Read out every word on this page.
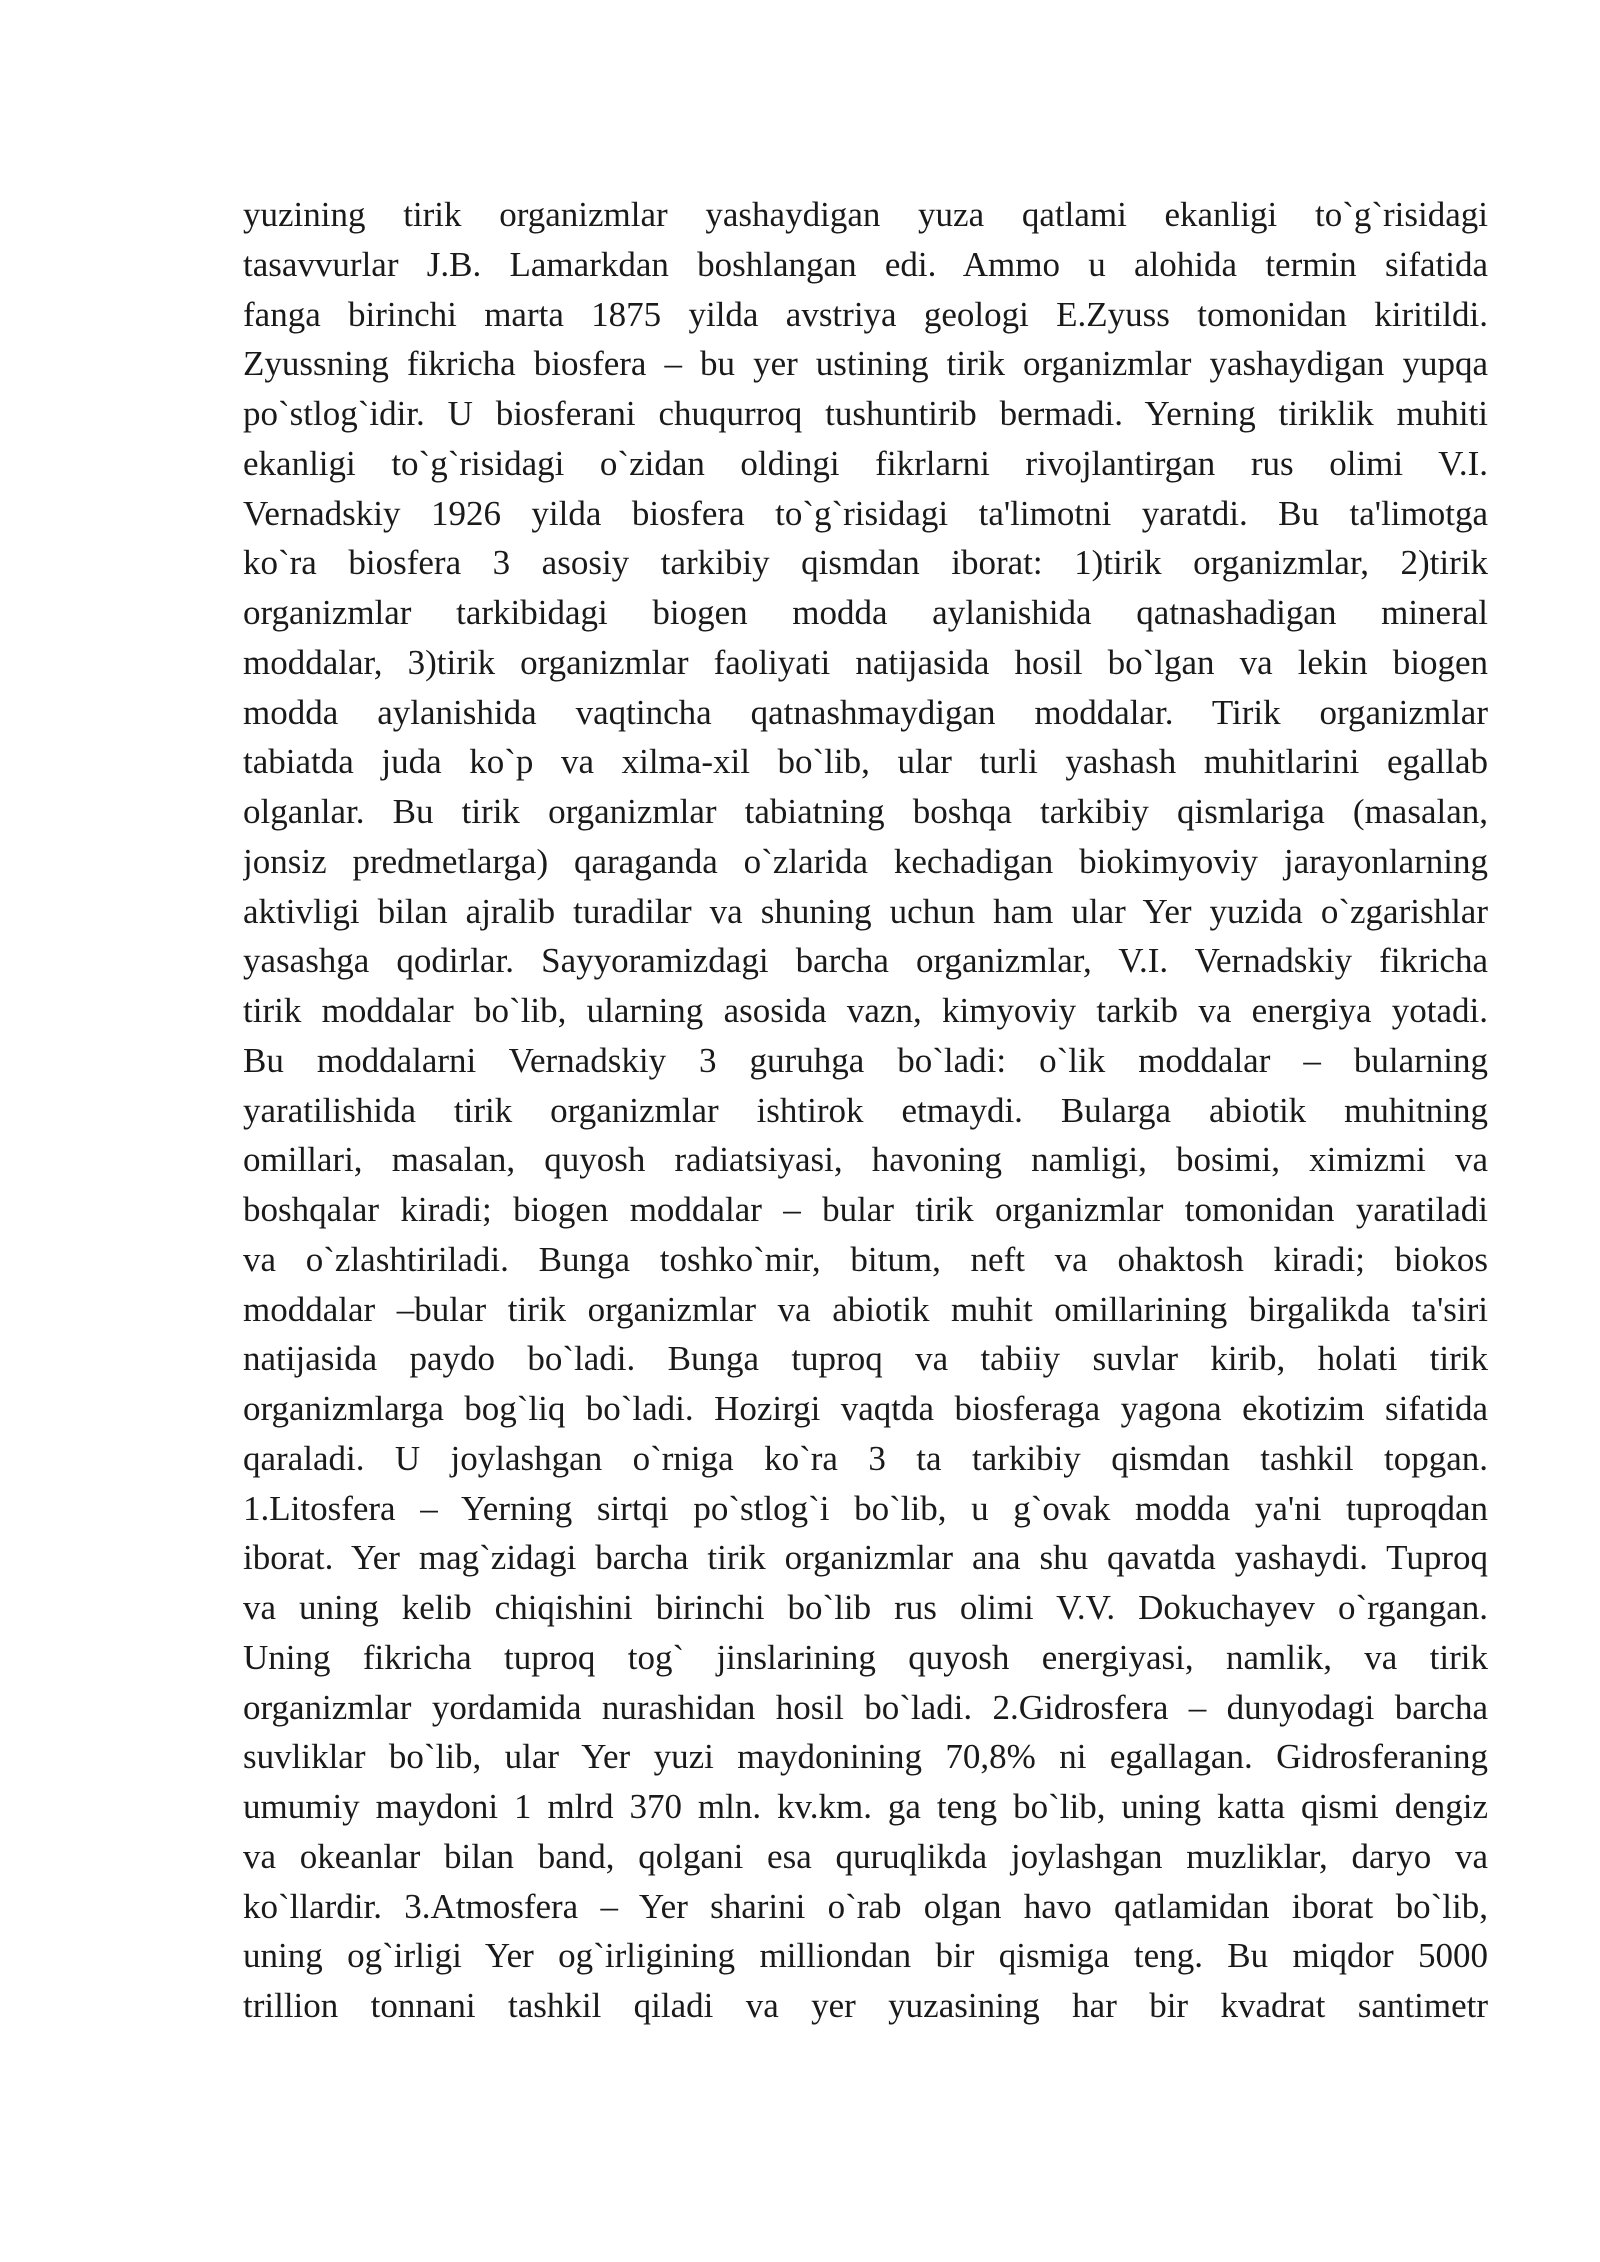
yuzining tirik organizmlar yashaydigan yuza qatlami ekanligi to`g`risidagi
tasavvurlar J.B. Lamarkdan boshlangan edi. Ammo u alohida termin sifatida
fanga birinchi marta 1875 yilda avstriya geologi E.Zyuss tomonidan kiritildi.
Zyussning fikricha biosfera – bu yer ustining tirik organizmlar yashaydigan yupqa
po`stlog`idir. U biosferani chuqurroq tushuntirib bermadi. Yerning tiriklik muhiti
ekanligi to`g`risidagi o`zidan oldingi fikrlarni rivojlantirgan rus olimi V.I.
Vernadskiy 1926 yilda biosfera to`g`risidagi ta'limotni yaratdi. Bu ta'limotga
ko`ra biosfera 3 asosiy tarkibiy qismdan iborat: 1)tirik organizmlar, 2)tirik
organizmlar tarkibidagi biogen modda aylanishida qatnashadigan mineral
moddalar, 3)tirik organizmlar faoliyati natijasida hosil bo`lgan va lekin biogen
modda aylanishida vaqtincha qatnashmaydigan moddalar. Tirik organizmlar
tabiatda juda ko`p va xilma-xil bo`lib, ular turli yashash muhitlarini egallab
olganlar. Bu tirik organizmlar tabiatning boshqa tarkibiy qismlariga (masalan,
jonsiz predmetlarga) qaraganda o`zlarida kechadigan biokimyoviy jarayonlarning
aktivligi bilan ajralib turadilar va shuning uchun ham ular Yer yuzida o`zgarishlar
yasashga qodirlar. Sayyoramizdagi barcha organizmlar, V.I. Vernadskiy fikricha
tirik moddalar bo`lib, ularning asosida vazn, kimyoviy tarkib va energiya yotadi.
Bu moddalarni Vernadskiy 3 guruhga bo`ladi: o`lik moddalar – bularning
yaratilishida tirik organizmlar ishtirok etmaydi. Bularga abiotik muhitning
omillari, masalan, quyosh radiatsiyasi, havoning namligi, bosimi, ximizmi va
boshqalar kiradi; biogen moddalar – bular tirik organizmlar tomonidan yaratiladi
va o`zlashtiriladi. Bunga toshko`mir, bitum, neft va ohaktosh kiradi; biokos
moddalar –bular tirik organizmlar va abiotik muhit omillarining birgalikda ta'siri
natijasida paydo bo`ladi. Bunga tuproq va tabiiy suvlar kirib, holati tirik
organizmlarga bog`liq bo`ladi. Hozirgi vaqtda biosferaga yagona ekotizim sifatida
qaraladi. U joylashgan o`rniga ko`ra 3 ta tarkibiy qismdan tashkil topgan.
1.Litosfera – Yerning sirtqi po`stlog`i bo`lib, u g`ovak modda ya'ni tuproqdan
iborat. Yer mag`zidagi barcha tirik organizmlar ana shu qavatda yashaydi. Tuproq
va uning kelib chiqishini birinchi bo`lib rus olimi V.V. Dokuchayev o`rgangan.
Uning fikricha tuproq tog` jinslarining quyosh energiyasi, namlik, va tirik
organizmlar yordamida nurashidan hosil bo`ladi. 2.Gidrosfera – dunyodagi barcha
suvliklar bo`lib, ular Yer yuzi maydonining 70,8% ni egallagan. Gidrosferaning
umumiy maydoni 1 mlrd 370 mln. kv.km. ga teng bo`lib, uning katta qismi dengiz
va okeanlar bilan band, qolgani esa quruqlikda joylashgan muzliklar, daryo va
ko`llardir. 3.Atmosfera – Yer sharini o`rab olgan havo qatlamidan iborat bo`lib,
uning og`irligi Yer og`irligining milliondan bir qismiga teng. Bu miqdor 5000
trillion tonnani tashkil qiladi va yer yuzasining har bir kvadrat santimetr
